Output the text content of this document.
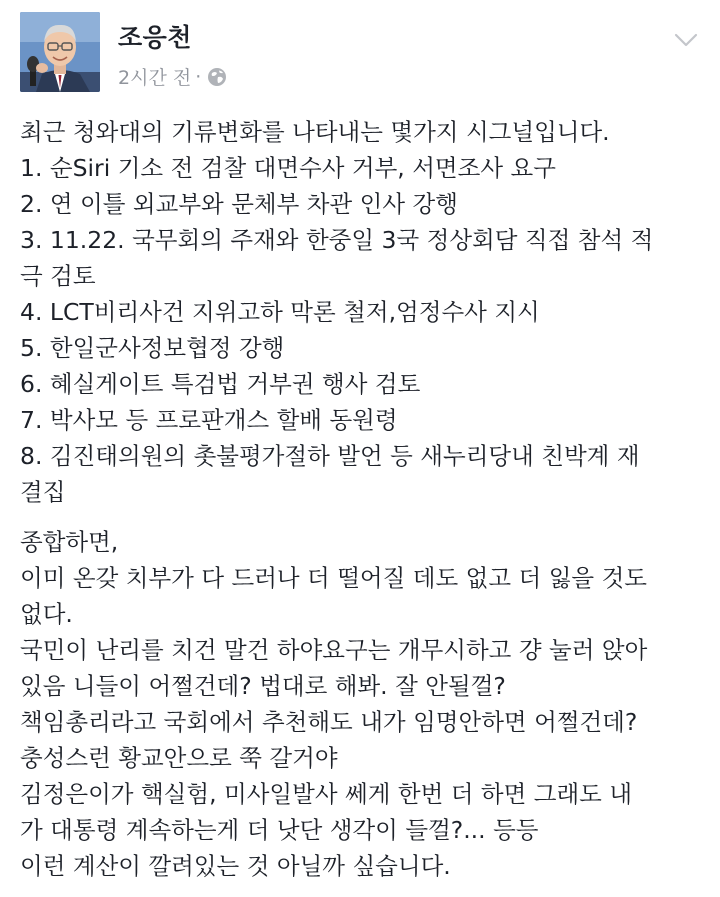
조응천
2시간 전 ·
최근 청와대의 기류변화를 나타내는 몇가지 시그널입니다.
1. 순Siri 기소 전 검찰 대면수사 거부, 서면조사 요구
2. 연 이틀 외교부와 문체부 차관 인사 강행
3. 11.22. 국무회의 주재와 한중일 3국 정상회담 직접 참석 적
극 검토
4. LCT비리사건 지위고하 막론 철저,엄정수사 지시
5. 한일군사정보협정 강행
6. 혜실게이트 특검법 거부권 행사 검토
7. 박사모 등 프로판개스 할배 동원령
8. 김진태의원의 촛불평가절하 발언 등 새누리당내 친박계 재
결집
종합하면,
이미 온갖 치부가 다 드러나 더 떨어질 데도 없고 더 잃을 것도
없다.
국민이 난리를 치건 말건 하야요구는 개무시하고 걍 눌러 앉아
있음 니들이 어쩔건데? 법대로 해봐. 잘 안될껄?
책임총리라고 국회에서 추천해도 내가 임명안하면 어쩔건데?
충성스런 황교안으로 쭉 갈거야
김정은이가 핵실험, 미사일발사 쎄게 한번 더 하면 그래도 내
가 대통령 계속하는게 더 낫단 생각이 들껄?... 등등
이런 계산이 깔려있는 것 아닐까 싶습니다.
